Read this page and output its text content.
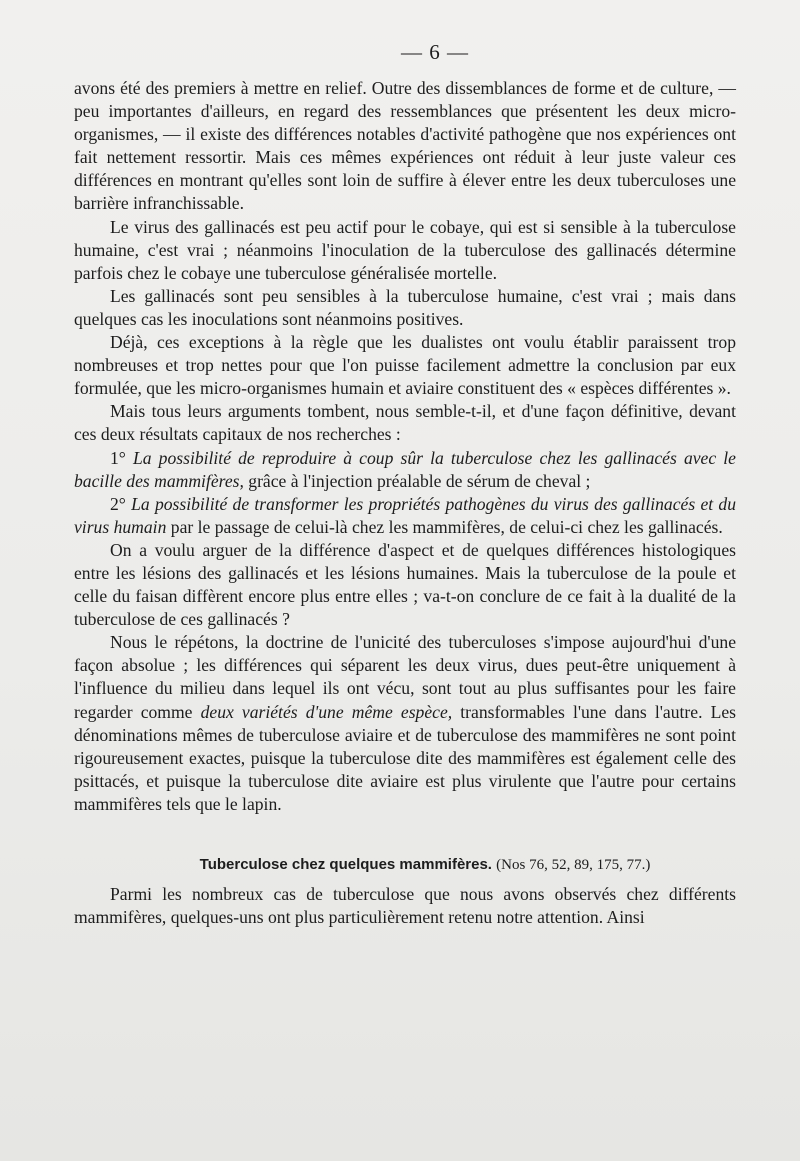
— 6 —

avons été des premiers à mettre en relief. Outre des dissemblances de forme et de culture, — peu importantes d'ailleurs, en regard des ressemblances que présentent les deux micro-organismes, — il existe des différences notables d'activité pathogène que nos expériences ont fait nettement ressortir. Mais ces mêmes expériences ont réduit à leur juste valeur ces différences en montrant qu'elles sont loin de suffire à élever entre les deux tuberculoses une barrière infranchissable.

Le virus des gallinacés est peu actif pour le cobaye, qui est si sensible à la tuberculose humaine, c'est vrai ; néanmoins l'inoculation de la tuberculose des gallinacés détermine parfois chez le cobaye une tuberculose généralisée mortelle.

Les gallinacés sont peu sensibles à la tuberculose humaine, c'est vrai ; mais dans quelques cas les inoculations sont néanmoins positives.

Déjà, ces exceptions à la règle que les dualistes ont voulu établir paraissent trop nombreuses et trop nettes pour que l'on puisse facilement admettre la conclusion par eux formulée, que les micro-organismes humain et aviaire constituent des « espèces différentes ».

Mais tous leurs arguments tombent, nous semble-t-il, et d'une façon définitive, devant ces deux résultats capitaux de nos recherches :

1° La possibilité de reproduire à coup sûr la tuberculose chez les gallinacés avec le bacille des mammifères, grâce à l'injection préalable de sérum de cheval ;

2° La possibilité de transformer les propriétés pathogènes du virus des gallinacés et du virus humain par le passage de celui-là chez les mammifères, de celui-ci chez les gallinacés.

On a voulu arguer de la différence d'aspect et de quelques différences histologiques entre les lésions des gallinacés et les lésions humaines. Mais la tuberculose de la poule et celle du faisan diffèrent encore plus entre elles ; va-t-on conclure de ce fait à la dualité de la tuberculose de ces gallinacés ?

Nous le répétons, la doctrine de l'unicité des tuberculoses s'impose aujourd'hui d'une façon absolue ; les différences qui séparent les deux virus, dues peut-être uniquement à l'influence du milieu dans lequel ils ont vécu, sont tout au plus suffisantes pour les faire regarder comme deux variétés d'une même espèce, transformables l'une dans l'autre. Les dénominations mêmes de tuberculose aviaire et de tuberculose des mammifères ne sont point rigoureusement exactes, puisque la tuberculose dite des mammifères est également celle des psittacés, et puisque la tuberculose dite aviaire est plus virulente que l'autre pour certains mammifères tels que le lapin.

Tuberculose chez quelques mammifères. (Nos 76, 52, 89, 175, 77.)

Parmi les nombreux cas de tuberculose que nous avons observés chez différents mammifères, quelques-uns ont plus particulièrement retenu notre attention. Ainsi
